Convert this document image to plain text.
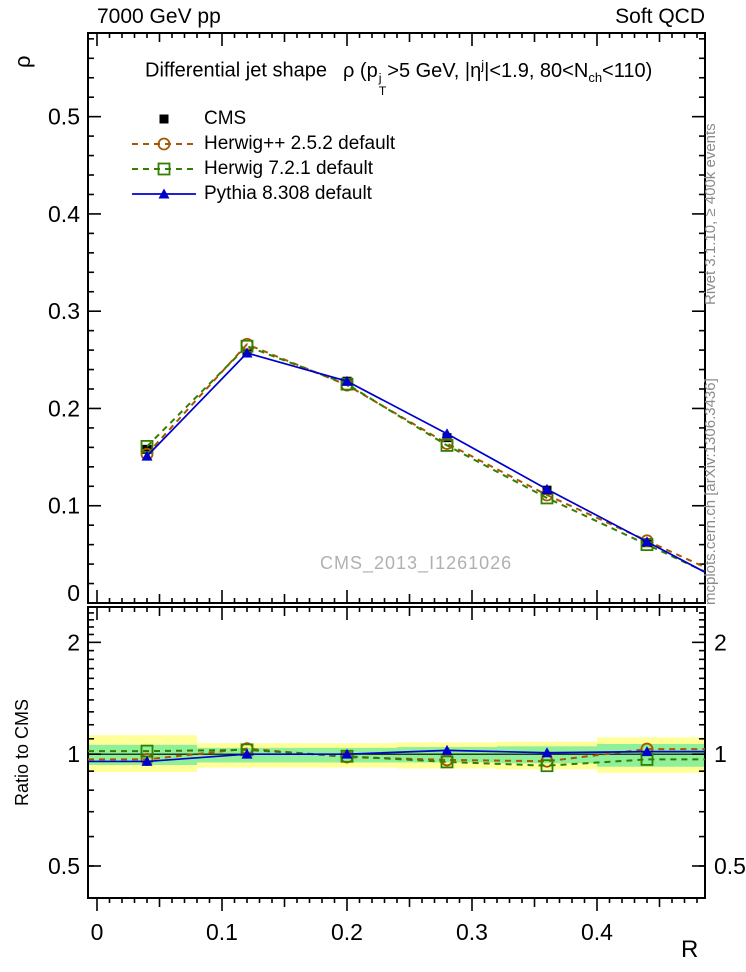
7000 GeV pp	Soft QCD
ρ
Ratio to CMS
R
Rivet 3.1.10, ≥ 400k events
mcplots.cern.ch [arXiv:1306.3436]
CMS_2013_I1261026
Differential jet shape ρ (p j
T
>5 GeV, $|\eta^j|<1.9$, $80<N_{ch}<110$)
CMS
Herwig++ 2.5.2 default
Herwig 7.2.1 default
Pythia 8.308 default
0
0.1
0.2
0.3
0.4
0.5
0.5	0.5
1	1
2	2
0	0.1	0.2	0.3	0.4
